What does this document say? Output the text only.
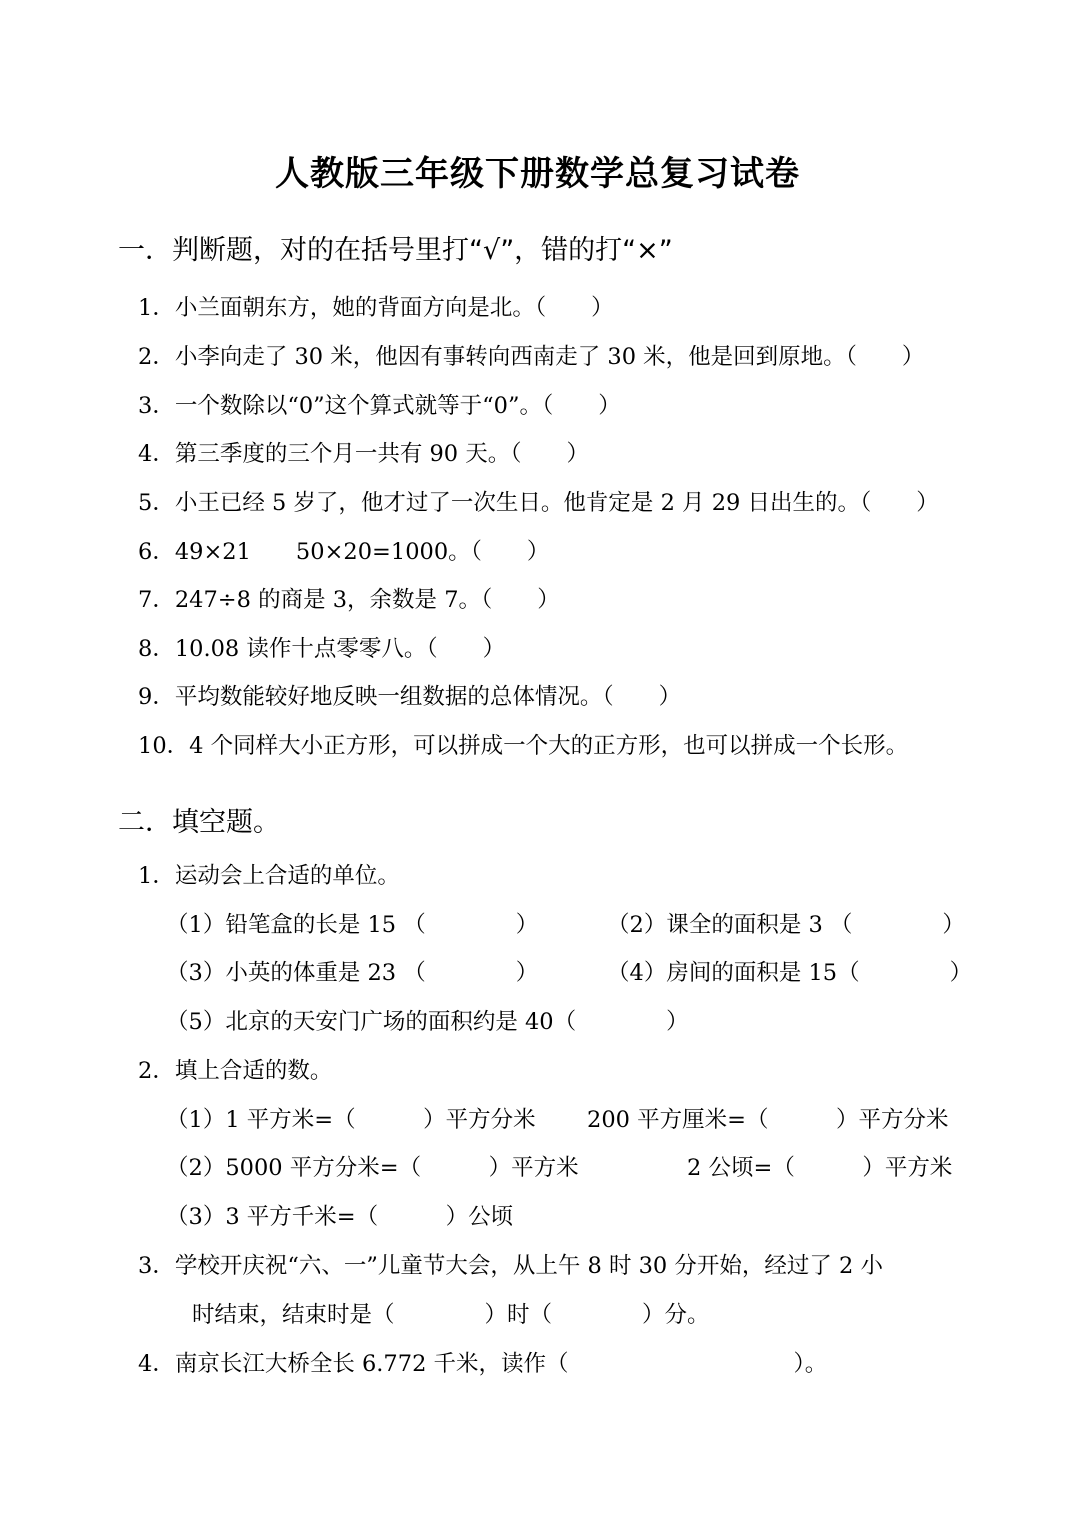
人教版三年级下册数学总复习试卷
一．判断题，对的在括号里打“√”，错的打“×”
1．小兰面朝东方，她的背面方向是北。（　　）
2．小李向走了 30 米，他因有事转向西南走了 30 米，他是回到原地。（　　）
3．一个数除以“0”这个算式就等于“0”。（　　）
4．第三季度的三个月一共有 90 天。（　　）
5．小王已经 5 岁了，他才过了一次生日。他肯定是 2 月 29 日出生的。（　　）
6．49×21　　50×20=1000。（　　）
7．247÷8 的商是 3，余数是 7。（　　）
8．10.08 读作十点零零八。（　　）
9．平均数能较好地反映一组数据的总体情况。（　　）
10．4 个同样大小正方形，可以拼成一个大的正方形，也可以拼成一个长形。
二．填空题。
1．运动会上合适的单位。
（1）铅笔盒的长是 15 （　　　　）	（2）课全的面积是 3 （　　　　）
（3）小英的体重是 23 （　　　　）	（4）房间的面积是 15（　　　　）
（5）北京的天安门广场的面积约是 40（　　　　）
2．填上合适的数。
（1）1 平方米=（　　　）平方分米 200 平方厘米=（　　　）平方分米
（2）5000 平方分米=（　　　）平方米	2 公顷=（　　　）平方米
（3）3 平方千米=（　　　）公顷
3．学校开庆祝“六、一”儿童节大会，从上午 8 时 30 分开始，经过了 2 小
时结束，结束时是（　　　　）时（　　　　）分。
4．南京长江大桥全长 6.772 千米，读作（　　　　　　　　　　）。
